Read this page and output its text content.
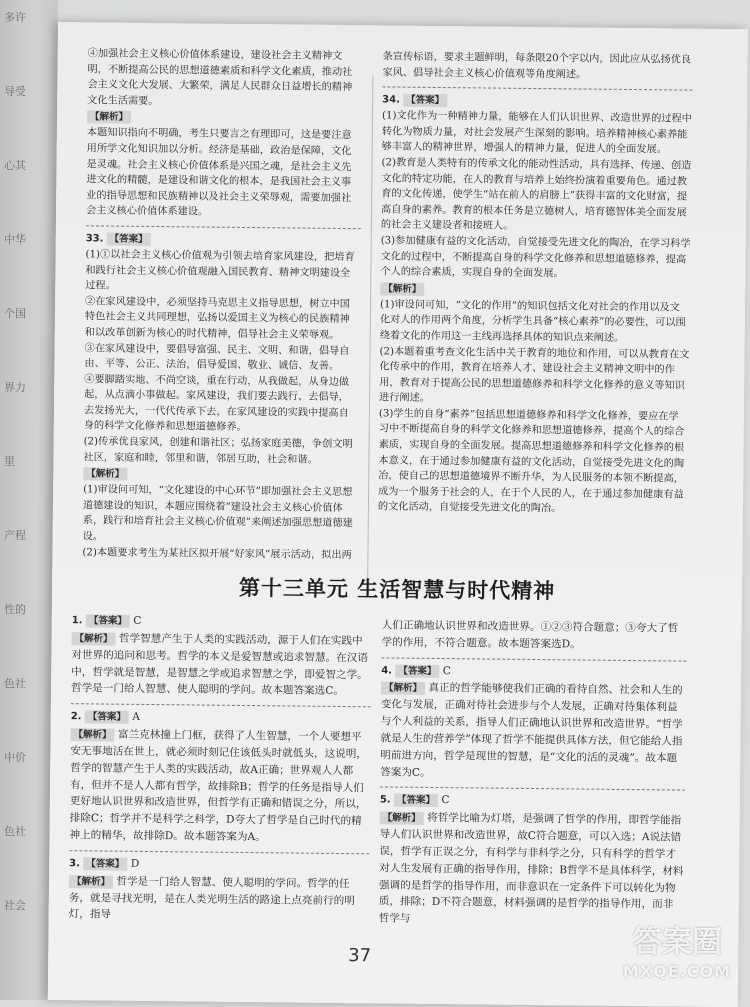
多许
导受
心其
中华
个国
界力
里
产程
性的
色社
中价
色社
社会

④加强社会主义核心价值体系建设，建设社会主义精神文明，不断提高公民的思想道德素质和科学文化素质，推动社会主义文化大发展、大繁荣，满足人民群众日益增长的精神文化生活需要。

【解析】

本题知识指向不明确，考生只要言之有理即可，这是要注意用所学文化知识加以分析。经济是基础，政治是保障，文化是灵魂。社会主义核心价值体系是兴国之魂，是社会主义先进文化的精髓，是建设和谐文化的根本，是我国社会主义事业的指导思想和民族精神以及社会主义荣辱观，需要加强社会主义核心价值体系建设。

33. 【答案】

(1)①以社会主义核心价值观为引领去培育家风建设，把培育和践行社会主义核心价值观融入国民教育、精神文明建设全过程。

②在家风建设中，必须坚持马克思主义指导思想，树立中国特色社会主义共同理想，弘扬以爱国主义为核心的民族精神和以改革创新为核心的时代精神，倡导社会主义荣辱观。

③在家风建设中，要倡导富强、民主、文明、和谐，倡导自由、平等、公正、法治，倡导爱国、敬业、诚信、友善。

④要脚踏实地、不尚空谈，重在行动，从我做起，从身边做起，从点滴小事做起。家风建设，我们要去践行、去倡导，去发扬光大，一代代传承下去，在家风建设的实践中提高自身的科学文化修养和思想道德修养。

(2)传承优良家风，创建和谐社区；弘扬家庭美德，争创文明社区，家庭和睦，邻里和谐，邻居互助，社会和谐。

【解析】

(1)审设问可知，“文化建设的中心环节”即加强社会主义思想道德建设的知识，本题应围绕着“建设社会主义核心价值体系，践行和培育社会主义核心价值观”来阐述加强思想道德建设。

(2)本题要求考生为某社区拟开展“好家风”展示活动，拟出两

条宣传标语，要求主题鲜明，每条限20个字以内，因此应从弘扬优良家风、倡导社会主义核心价值观等角度阐述。

34. 【答案】

(1)文化作为一种精神力量，能够在人们认识世界、改造世界的过程中转化为物质力量，对社会发展产生深刻的影响。培养精神核心素养能够丰富人的精神世界，增强人的精神力量，促进人的全面发展。

(2)教育是人类特有的传承文化的能动性活动，具有选择、传递、创造文化的特定功能，在人的教育与培养上始终扮演着重要角色。通过教育的文化传递，使学生“站在前人的肩膀上”获得丰富的文化财富，提高自身的素养。教育的根本任务是立德树人，培育德智体美全面发展的社会主义建设者和接班人。

(3)参加健康有益的文化活动，自觉接受先进文化的陶冶，在学习科学文化的过程中，不断提高自身的科学文化修养和思想道德修养，提高个人的综合素质，实现自身的全面发展。

【解析】

(1)审设问可知，“文化的作用”的知识包括文化对社会的作用以及文化对人的作用两个角度，分析学生具备“核心素养”的必要性，可以围绕着文化的作用这一主线再选择具体的知识点来阐述。

(2)本题着重考查文化生活中关于教育的地位和作用，可以从教育在文化传承中的作用，教育在培养人才、建设社会主义精神文明中的作用，教育对于提高公民的思想道德修养和科学文化修养的意义等知识进行阐述。

(3)学生的自身“素养”包括思想道德修养和科学文化修养，要应在学习中不断提高自身的科学文化修养和思想道德修养，提高个人的综合素质，实现自身的全面发展。提高思想道德修养和科学文化修养的根本意义，在于通过参加健康有益的文化活动，自觉接受先进文化的陶冶，使自己的思想道德境界不断升华，为人民服务的本领不断提高，成为一个服务于社会的人，在于个人民的人，在于通过参加健康有益的文化活动，自觉接受先进文化的陶冶。

第十三单元 生活智慧与时代精神
1. 【答案】 C

【解析】 哲学智慧产生于人类的实践活动，源于人们在实践中对世界的追问和思考。哲学的本义是爱智慧或追求智慧。在汉语中，哲学就是智慧，是智慧之学或追求智慧之学，即爱智之学。哲学是一门给人智慧、使人聪明的学问。故本题答案选C。

2. 【答案】 A

【解析】 富兰克林撞上门框，获得了人生智慧，一个人要想平安无事地活在世上，就必须时刻记住该低头时就低头，这说明，哲学的智慧产生于人类的实践活动，故A正确；世界观人人都有，但并不是人人都有哲学，故排除B；哲学的任务是指导人们更好地认识世界和改造世界，但哲学有正确和错误之分，所以，排除C；哲学并不是科学之科学，D夸大了哲学是自己时代的精神上的精华，故排除D。故本题答案为A。

3. 【答案】 D

【解析】 哲学是一门给人智慧、使人聪明的学问。哲学的任务，就是寻找光明，是在人类光明生活的路途上点亮前行的明灯，指导

人们正确地认识世界和改造世界。①②③符合题意；③夸大了哲学的作用，不符合题意。故本题答案选D。

4. 【答案】 C

【解析】 真正的哲学能够使我们正确的看待自然、社会和人生的变化与发展，正确对待社会进步与个人发展，正确对待集体利益与个人利益的关系，指导人们正确地认识世界和改造世界。“哲学就是人生的营养学”体现了哲学不能提供具体方法，但它能给人指明前进方向，哲学是现世的智慧，是“文化的活的灵魂”。故本题答案为C。

5. 【答案】 C

【解析】 将哲学比喻为灯塔，是强调了哲学的作用，即哲学能指导人们认识世界和改造世界，故C符合题意，可以入选；A说法错误，哲学有正误之分，有科学与非科学之分，只有科学的哲学才对人生发展有正确的指导作用，排除；B哲学不是具体科学，材料强调的是哲学的指导作用，而非意识在一定条件下可以转化为物质，排除；D不符合题意，材料强调的是哲学的指导作用，而非哲学与

37	答案圈
MXQE.COM
